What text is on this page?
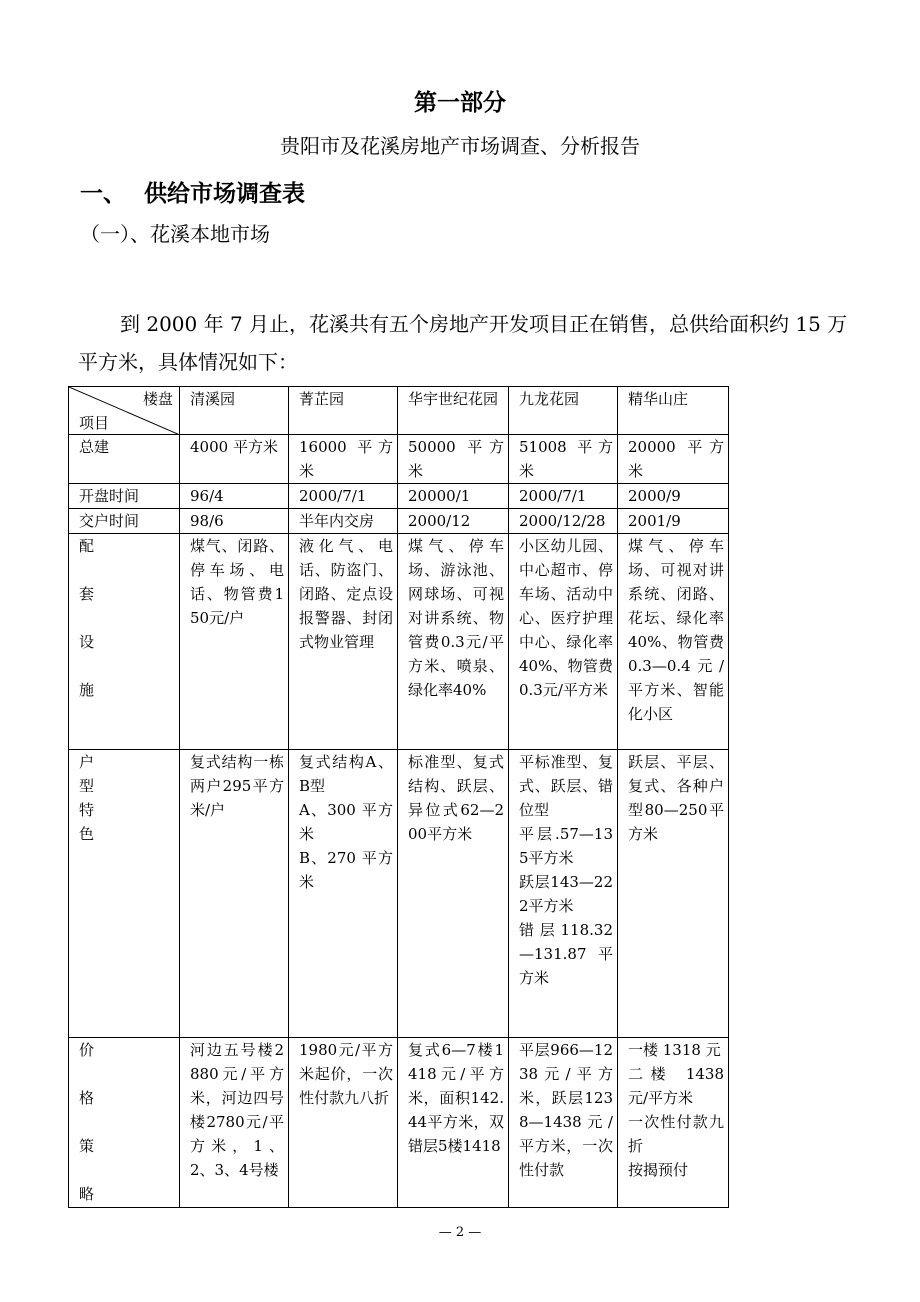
第一部分
贵阳市及花溪房地产市场调查、分析报告
一、 供给市场调查表
（一）、花溪本地市场
到 2000 年 7 月止，花溪共有五个房地产开发项目正在销售，总供给面积约 15 万平方米，具体情况如下：
楼盘
项目	清溪园	菁芷园	华宇世纪花园	九龙花园	精华山庄
总建	4000 平方米	16000 平方米	50000 平方米	51008 平方米	20000 平方米
开盘时间	96/4	2000/7/1	20000/1	2000/7/1	2000/9
交户时间	98/6	半年内交房	2000/12	2000/12/28	2001/9

配
套
设
施	煤气、闭路、停车场、电话、物管费150元/户	液化气、电话、防盗门、闭路、定点设报警器、封闭式物业管理	煤气、停车场、游泳池、网球场、可视对讲系统、物管费0.3元/平方米、喷泉、绿化率40%	小区幼儿园、中心超市、停车场、活动中心、医疗护理中心、绿化率40%、物管费0.3元/平方米	煤气、停车场、可视对讲系统、闭路、花坛、绿化率40%、物管费0.3—0.4元/平方米、智能化小区

户
型
特
色	复式结构一栋两户295平方米/户	复式结构A、B型
A、300 平方米
B、270 平方米	标准型、复式结构、跃层、异位式62—200平方米	平标准型、复式、跃层、错位型
平层.57—135平方米
跃层143—222平方米
错层118.32—131.87平方米	跃层、平层、复式、各种户型80—250平方米

价
格
策
略	河边五号楼2880元/平方米，河边四号楼2780元/平方米，1、2、3、4号楼	1980元/平方米起价，一次性付款九八折	复式6—7楼1418元/平方米，面积142.44平方米，双错层5楼1418	平层966—1238元/平方米，跃层1238—1438元/平方米，一次性付款	一楼 1318 元
二楼 1438 元/平方米
一次性付款九折
按揭预付
— 2 —
